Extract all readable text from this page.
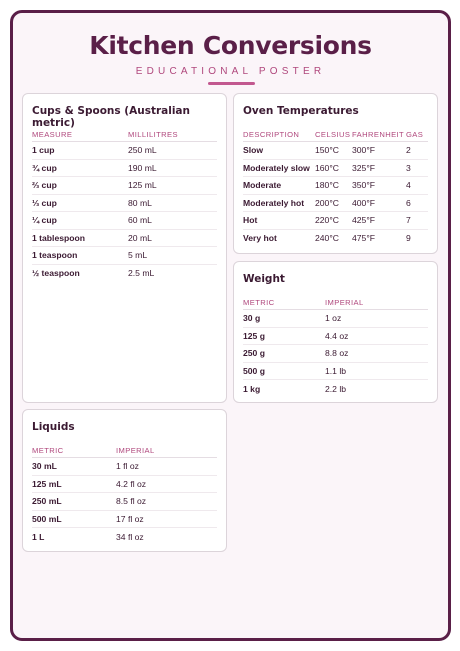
Kitchen Conversions
EDUCATIONAL POSTER
Cups & Spoons (Australian metric)
MEASURE	MILLILITRES
1 cup	250 mL
¾ cup	190 mL
⅔ cup	125 mL
⅓ cup	80 mL
¼ cup	60 mL
1 tablespoon	20 mL
1 teaspoon	5 mL
½ teaspoon	2.5 mL
Oven Temperatures
DESCRIPTION	CELSIUS FAHRENHEIT GAS
Slow	150°C	300°F	2
Moderately slow 160°C	325°F	3
Moderate	180°C	350°F	4
Moderately hot	200°C	400°F	6
Hot	220°C	425°F	7
Very hot	240°C	475°F	9
Weight
METRIC	IMPERIAL
30 g	1 oz
125 g	4.4 oz
250 g	8.8 oz
500 g	1.1 lb
1 kg	2.2 lb
Liquids
METRIC	IMPERIAL
30 mL	1 fl oz
125 mL	4.2 fl oz
250 mL	8.5 fl oz
500 mL	17 fl oz
1 L	34 fl oz
